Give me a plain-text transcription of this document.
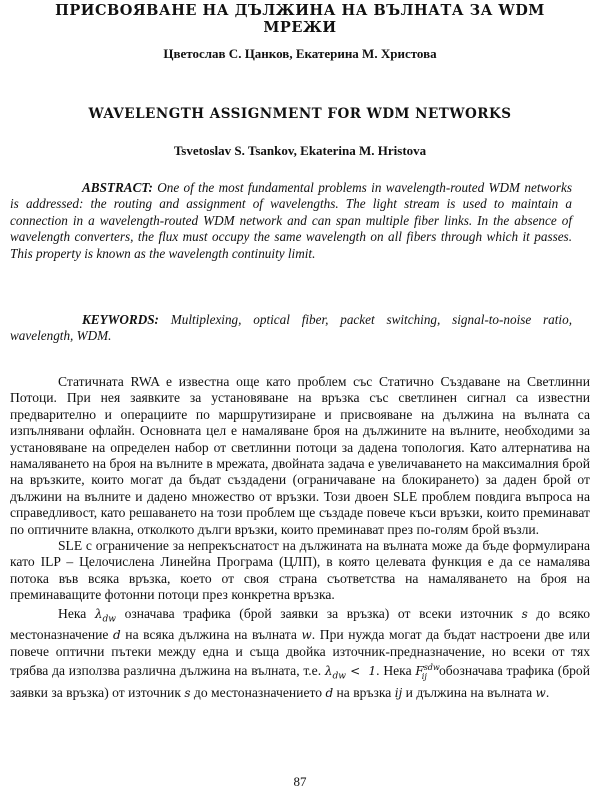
ПРИСВОЯВАНЕ НА ДЪЛЖИНА НА ВЪЛНАТА ЗА WDM МРЕЖИ
Цветослав С. Цанков, Екатерина М. Христова
WAVELENGTH ASSIGNMENT FOR WDM NETWORKS
Tsvetoslav S. Tsankov, Ekaterina M. Hristova
ABSTRACT: One of the most fundamental problems in wavelength-routed WDM networks is addressed: the routing and assignment of wavelengths. The light stream is used to maintain a connection in a wavelength-routed WDM network and can span multiple fiber links. In the absence of wavelength converters, the flux must occupy the same wavelength on all fibers through which it passes. This property is known as the wavelength continuity limit.
KEYWORDS: Multiplexing, optical fiber, packet switching, signal-to-noise ratio, wavelength, WDM.

Статичната RWA е известна още като проблем със Статично Създаване на Светлинни Потоци. При нея заявките за установяване на връзка със светлинен сигнал са известни предварително и операциите по маршрутизиране и присвояване на дължина на вълната са изпълнявани офлайн. Основната цел е намаляване броя на дължините на вълните, необходими за установяване на определен набор от светлинни потоци за дадена топология. Като алтернатива на намаляването на броя на вълните в мрежата, двойната задача е увеличаването на максималния брой на връзките, които могат да бъдат създадени (ограничаване на блокирането) за даден брой от дължини на вълните и дадено множество от връзки. Този двоен SLE проблем повдига въпроса на справедливост, като решаването на този проблем ще създаде повече къси връзки, които преминават по оптичните влакна, отколкото дълги връзки, които преминават през по-голям брой възли.

SLE с ограничение за непрекъснатост на дължината на вълната може да бъде формулирана като ILP – Целочислена Линейна Програма (ЦЛП), в която целевата функция е да се намалява потока във всяка връзка, което от своя страна съответства на намаляването на броя на преминаващите фотонни потоци през конкретна връзка.

Нека $\lambda_{dw}$ означава трафика (брой заявки за връзка) от всеки източник s до всяко местоназначение d на всяка дължина на вълната w. При нужда могат да бъдат настроени две или повече оптични пътеки между една и съща двойка източник-предназначение, но всеки от тях трябва да използва различна дължина на вълната, т.е. $\lambda_{dw} < 1$. Нека $F^{sdw}_{ij}$   обозначава трафика (брой заявки за връзка) от източник s до местоназначението d на връзка ij и дължина на вълната w.

87
